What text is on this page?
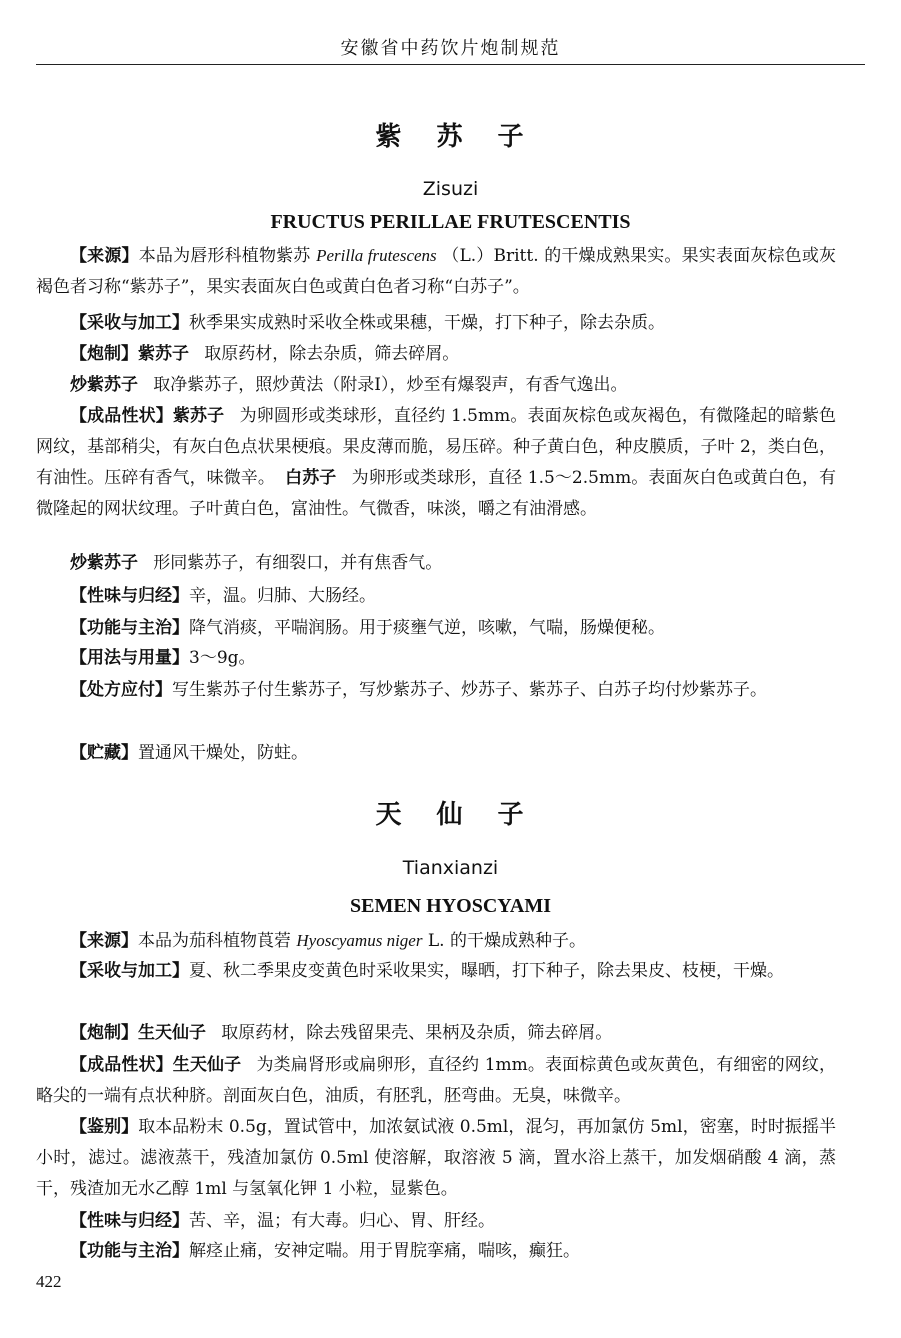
安徽省中药饮片炮制规范
紫 苏 子
Zisuzi
FRUCTUS PERILLAE FRUTESCENTIS
【来源】本品为唇形科植物紫苏 Perilla frutescens （L.）Britt. 的干燥成熟果实。果实表面灰棕色或灰褐色者习称“紫苏子”，果实表面灰白色或黄白色者习称“白苏子”。
【采收与加工】秋季果实成熟时采收全株或果穗，干燥，打下种子，除去杂质。
【炮制】紫苏子 取原药材，除去杂质，筛去碎屑。
炒紫苏子 取净紫苏子，照炒黄法（附录Ⅰ），炒至有爆裂声，有香气逸出。
【成品性状】紫苏子 为卵圆形或类球形，直径约 1.5mm。表面灰棕色或灰褐色，有微隆起的暗紫色网纹，基部稍尖，有灰白色点状果梗痕。果皮薄而脆，易压碎。种子黄白色，种皮膜质，子叶 2，类白色，有油性。压碎有香气，味微辛。 白苏子 为卵形或类球形，直径 1.5～2.5mm。表面灰白色或黄白色，有微隆起的网状纹理。子叶黄白色，富油性。气微香，味淡，嚼之有油滑感。
炒紫苏子 形同紫苏子，有细裂口，并有焦香气。
【性味与归经】辛，温。归肺、大肠经。
【功能与主治】降气消痰，平喘润肠。用于痰壅气逆，咳嗽，气喘，肠燥便秘。
【用法与用量】3～9g。
【处方应付】写生紫苏子付生紫苏子，写炒紫苏子、炒苏子、紫苏子、白苏子均付炒紫苏子。
【贮藏】置通风干燥处，防蛀。
天 仙 子
Tianxianzi
SEMEN HYOSCYAMI
【来源】本品为茄科植物莨菪 Hyoscyamus niger L. 的干燥成熟种子。
【采收与加工】夏、秋二季果皮变黄色时采收果实，曝晒，打下种子，除去果皮、枝梗，干燥。
【炮制】生天仙子 取原药材，除去残留果壳、果柄及杂质，筛去碎屑。
【成品性状】生天仙子 为类扁肾形或扁卵形，直径约 1mm。表面棕黄色或灰黄色，有细密的网纹，略尖的一端有点状种脐。剖面灰白色，油质，有胚乳，胚弯曲。无臭，味微辛。
【鉴别】取本品粉末 0.5g，置试管中，加浓氨试液 0.5ml，混匀，再加氯仿 5ml，密塞，时时振摇半小时，滤过。滤液蒸干，残渣加氯仿 0.5ml 使溶解，取溶液 5 滴，置水浴上蒸干，加发烟硝酸 4 滴，蒸干，残渣加无水乙醇 1ml 与氢氧化钾 1 小粒，显紫色。
【性味与归经】苦、辛，温；有大毒。归心、胃、肝经。
【功能与主治】解痉止痛，安神定喘。用于胃脘挛痛，喘咳，癫狂。
422
